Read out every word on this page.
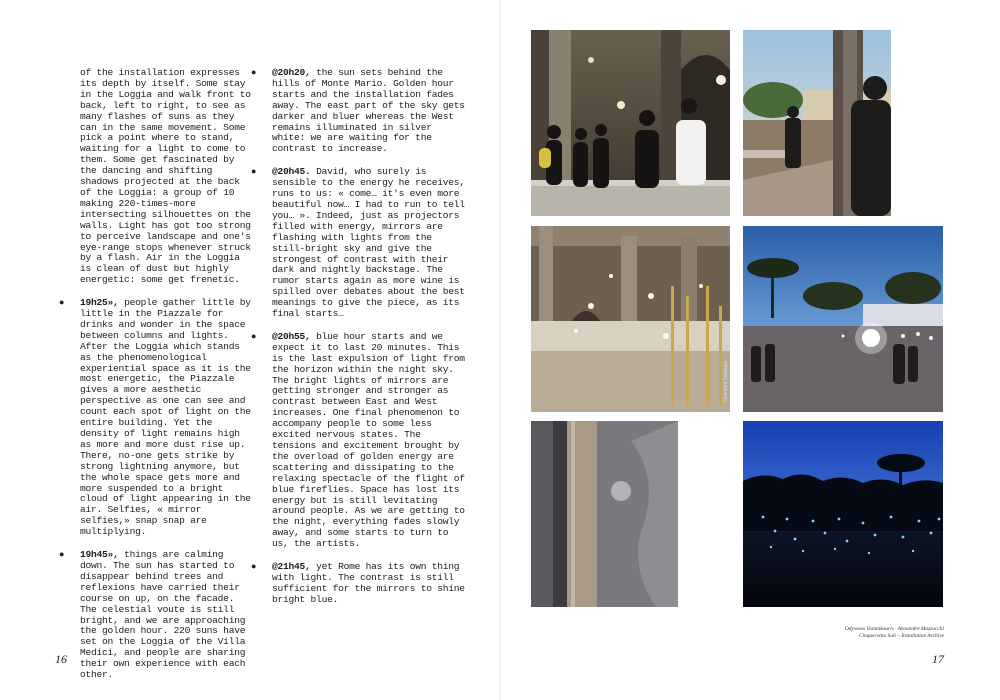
of the installation expresses its depth by itself. Some stay in the Loggia and walk front to back, left to right, to see as many flashes of suns as they can in the same movement. Some pick a point where to stand, waiting for a light to come to them. Some get fascinated by the dancing and shifting shadows projected at the back of the Loggia: a group of 10 making 220-times-more intersecting silhouettes on the walls. Light has got too strong to perceive landscape and one's eye-range stops whenever struck by a flash. Air in the Loggia is clean of dust but highly energetic: some get frenetic.

● 19h25», people gather little by little in the Piazzale for drinks and wonder in the space between columns and lights. After the Loggia which stands as the phenomenological experiential space as it is the most energetic, the Piazzale gives a more aesthetic perspective as one can see and count each spot of light on the entire building. Yet the density of light remains high as more and more dust rise up. There, no-one gets strike by strong lightning anymore, but the whole space gets more and more suspended to a bright cloud of light appearing in the air. Selfies, « mirror selfies,» snap snap are multiplying.
● 19h45», things are calming down. The sun has started to disappear behind trees and reflexions have carried their course on up, on the facade. The celestial voute is still bright, and we are approaching the golden hour. 220 suns have set on the Loggia of the Villa Medici, and people are sharing their own experience with each other.
● @20h20, the sun sets behind the hills of Monte Mario. Golden hour starts and the installation fades away. The east part of the sky gets darker and bluer whereas the West remains illuminated in silver white: we are waiting for the contrast to increase.
● @20h45. David, who surely is sensible to the energy he receives, runs to us: « come… it's even more beautiful now… I had to run to tell you… ». Indeed, just as projectors filled with energy, mirrors are flashing with lights from the still-bright sky and give the strongest of contrast with their dark and nightly backstage. The rumor starts again as more wine is spilled over debates about the best meanings to give the piece, as its final starts…
● @20h55, blue hour starts and we expect it to last 20 minutes. This is the last expulsion of light from the horizon within the night sky. The bright lights of mirrors are getting stronger and stronger as contrast between East and West increases. One final phenomenon to accompany people to some less excited nervous states. The tensions and excitement brought by the overload of golden energy are scattering and dissipating to the relaxing spectacle of the flight of blue fireflies. Space has lost its energy but is still levitating around people. As we are getting to the night, everything fades slowly away, and some starts to turn to us, the artists.
● @21h45, yet Rome has its own thing with light. The contrast is still sufficient for the mirrors to shine bright blue.
16
©Lenfant Vasquez
Odysseas Yiannikouris · Alexandre Mazzocchi
Cinquecento Soli – Installation Archive
17
